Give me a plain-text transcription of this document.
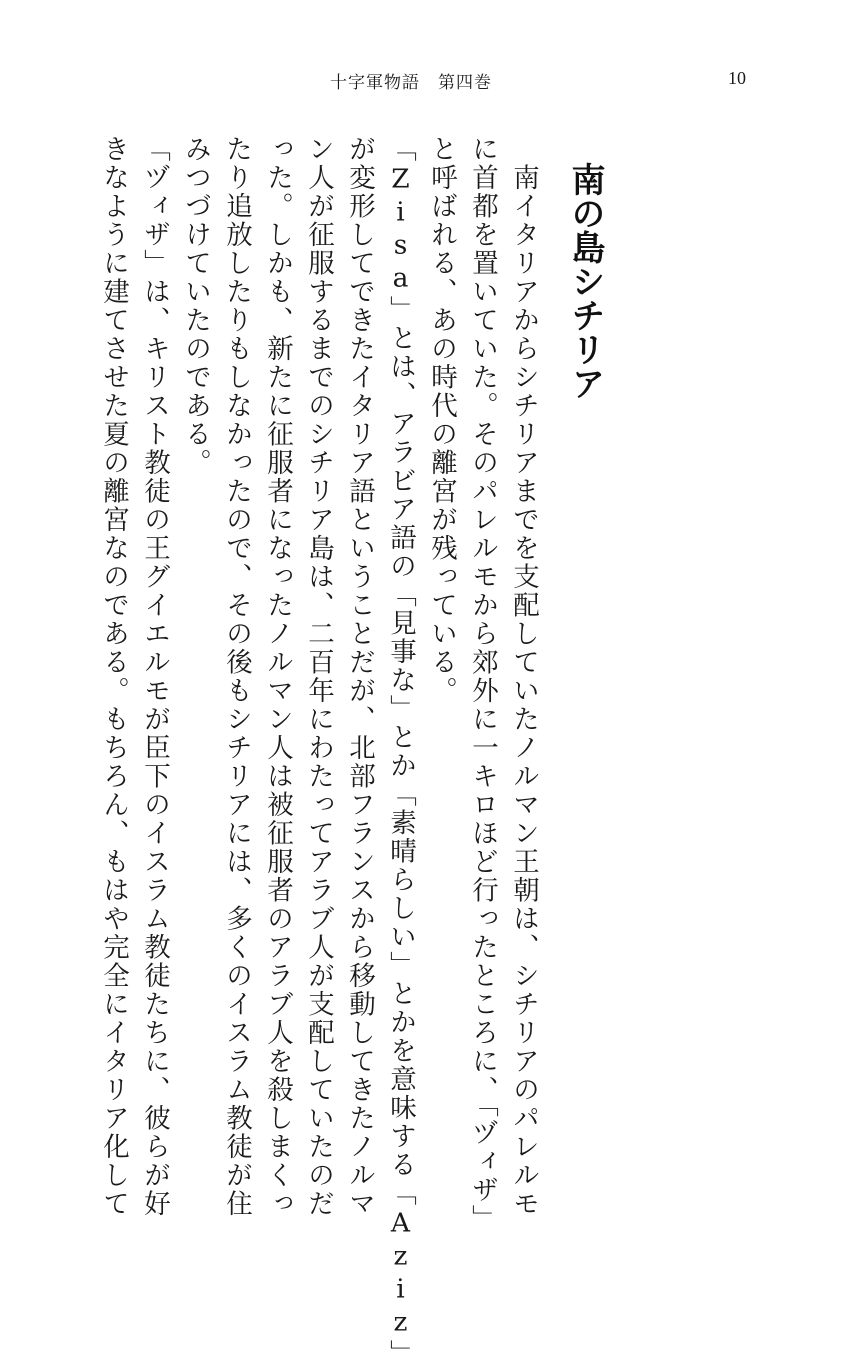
十字軍物語　第四巻	10
南の島シチリア

　南イタリアからシチリアまでを支配していたノルマン王朝は、シチリアのパレルモ

に首都を置いていた。そのパレルモから郊外に一キロほど行ったところに、「ヅィザ」

と呼ばれる、あの時代の離宮が残っている。

「Zisa」とは、アラビア語の「見事な」とか「素晴らしい」とかを意味する「Aziz」

が変形してできたイタリア語ということだが、北部フランスから移動してきたノルマ

ン人が征服するまでのシチリア島は、二百年にわたってアラブ人が支配していたのだ

った。しかも、新たに征服者になったノルマン人は被征服者のアラブ人を殺しまくっ

たり追放したりもしなかったので、その後もシチリアには、多くのイスラム教徒が住

みつづけていたのである。

「ヅィザ」は、キリスト教徒の王グイエルモが臣下のイスラム教徒たちに、彼らが好

きなように建てさせた夏の離宮なのである。もちろん、もはや完全にイタリア化して
